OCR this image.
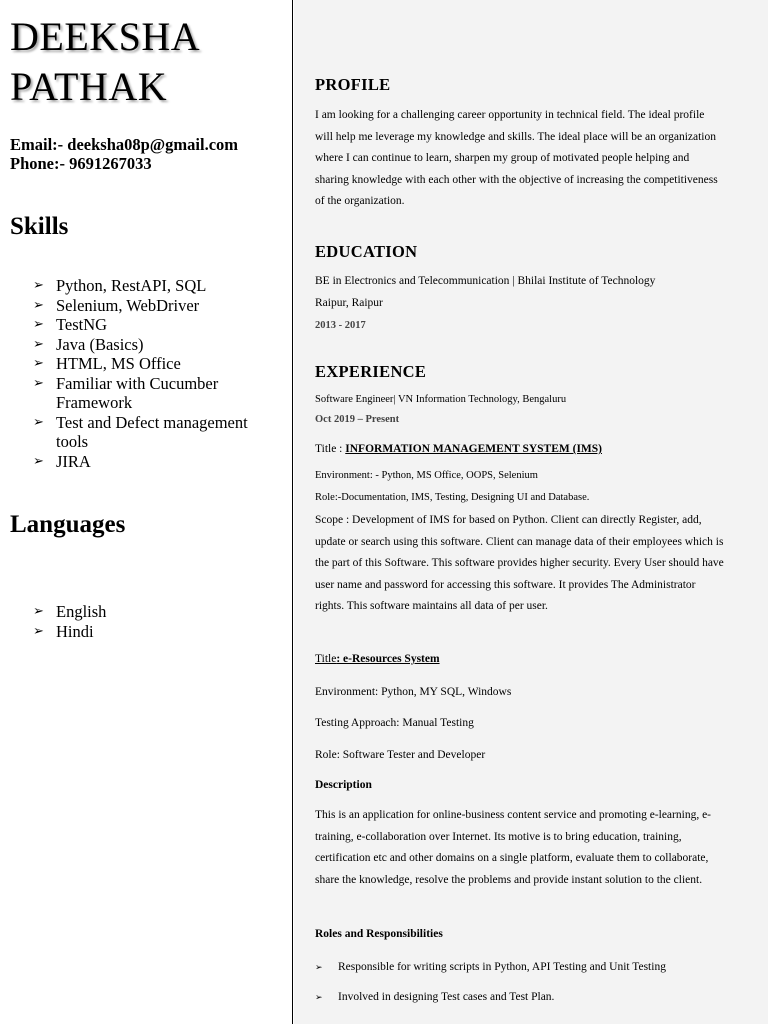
DEEKSHA
PATHAK

Email:- deeksha08p@gmail.com
Phone:- 9691267033

Skills
➢ Python, RestAPI, SQL
➢ Selenium, WebDriver
➢ TestNG
➢ Java (Basics)
➢ HTML, MS Office
➢ Familiar with Cucumber Framework
➢ Test and Defect management tools
➢ JIRA
Languages
➢ English
➢ Hindi
PROFILE

I am looking for a challenging career opportunity in technical field. The ideal profile will help me leverage my knowledge and skills. The ideal place will be an organization where I can continue to learn, sharpen my group of motivated people helping and sharing knowledge with each other with the objective of increasing the competitiveness of the organization.

EDUCATION

BE in Electronics and Telecommunication | Bhilai Institute of Technology

Raipur, Raipur

2013 - 2017

EXPERIENCE

Software Engineer| VN Information Technology, Bengaluru

Oct 2019 – Present

Title : INFORMATION MANAGEMENT SYSTEM (IMS)

Environment: - Python, MS Office, OOPS, Selenium

Role:-Documentation, IMS, Testing, Designing UI and Database.

Scope : Development of IMS for based on Python. Client can directly Register, add, update or search using this software. Client can manage data of their employees which is the part of this Software. This software provides higher security. Every User should have user name and password for accessing this software. It provides The Administrator rights. This software maintains all data of per user.

Title: e-Resources System

Environment: Python, MY SQL, Windows

Testing Approach: Manual Testing

Role: Software Tester and Developer

Description

This is an application for online-business content service and promoting e-learning, e-training, e-collaboration over Internet. Its motive is to bring education, training, certification etc and other domains on a single platform, evaluate them to collaborate, share the knowledge, resolve the problems and provide instant solution to the client.

Roles and Responsibilities

➢ Responsible for writing scripts in Python, API Testing and Unit Testing

➢ Involved in designing Test cases and Test Plan.
